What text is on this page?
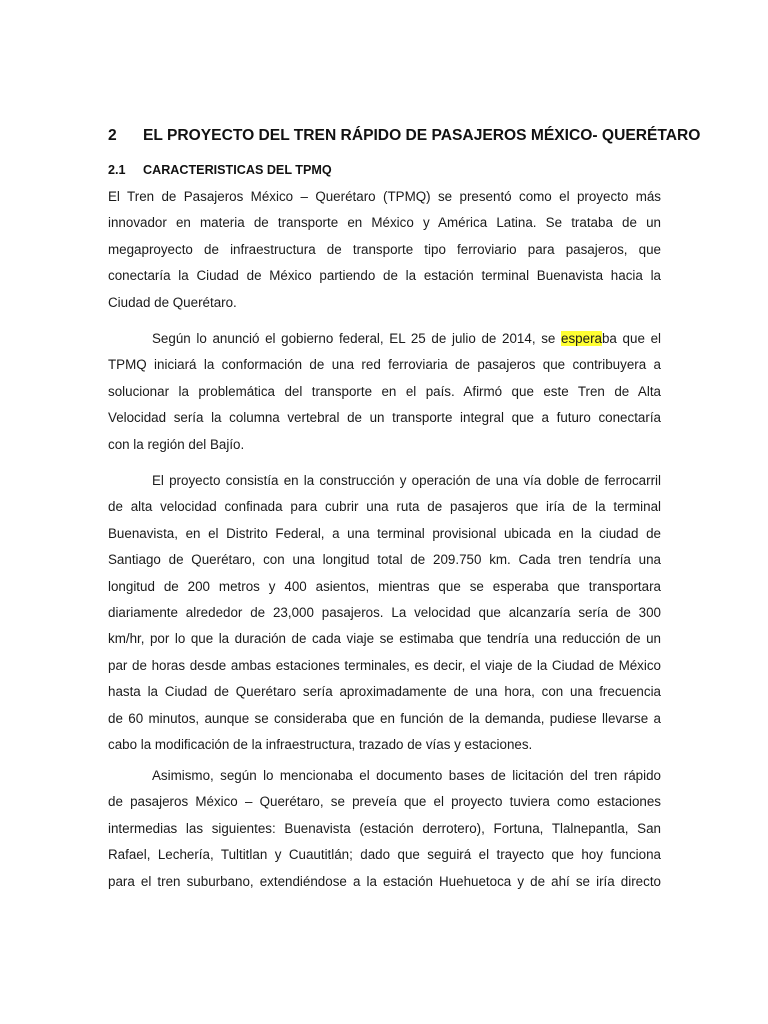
2 EL PROYECTO DEL TREN RÁPIDO DE PASAJEROS MÉXICO- QUERÉTARO
2.1 CARACTERISTICAS DEL TPMQ
El Tren de Pasajeros México – Querétaro (TPMQ) se presentó como el proyecto más
innovador en materia de transporte en México y América Latina. Se trataba de un
megaproyecto de infraestructura de transporte tipo ferroviario para pasajeros, que
conectaría la Ciudad de México partiendo de la estación terminal Buenavista hacia la
Ciudad de Querétaro.
Según lo anunció el gobierno federal, EL 25 de julio de 2014, se esperaba que el
TPMQ iniciará la conformación de una red ferroviaria de pasajeros que contribuyera a
solucionar la problemática del transporte en el país. Afirmó que este Tren de Alta
Velocidad sería la columna vertebral de un transporte integral que a futuro conectaría
con la región del Bajío.
El proyecto consistía en la construcción y operación de una vía doble de ferrocarril
de alta velocidad confinada para cubrir una ruta de pasajeros que iría de la terminal
Buenavista, en el Distrito Federal, a una terminal provisional ubicada en la ciudad de
Santiago de Querétaro, con una longitud total de 209.750 km. Cada tren tendría una
longitud de 200 metros y 400 asientos, mientras que se esperaba que transportara
diariamente alrededor de 23,000 pasajeros. La velocidad que alcanzaría sería de 300
km/hr, por lo que la duración de cada viaje se estimaba que tendría una reducción de un
par de horas desde ambas estaciones terminales, es decir, el viaje de la Ciudad de México
hasta la Ciudad de Querétaro sería aproximadamente de una hora, con una frecuencia
de 60 minutos, aunque se consideraba que en función de la demanda, pudiese llevarse a
cabo la modificación de la infraestructura, trazado de vías y estaciones.
Asimismo, según lo mencionaba el documento bases de licitación del tren rápido
de pasajeros México – Querétaro, se preveía que el proyecto tuviera como estaciones
intermedias las siguientes: Buenavista (estación derrotero), Fortuna, Tlalnepantla, San
Rafael, Lechería, Tultitlan y Cuautitlán; dado que seguirá el trayecto que hoy funciona
para el tren suburbano, extendiéndose a la estación Huehuetoca y de ahí se iría directo
